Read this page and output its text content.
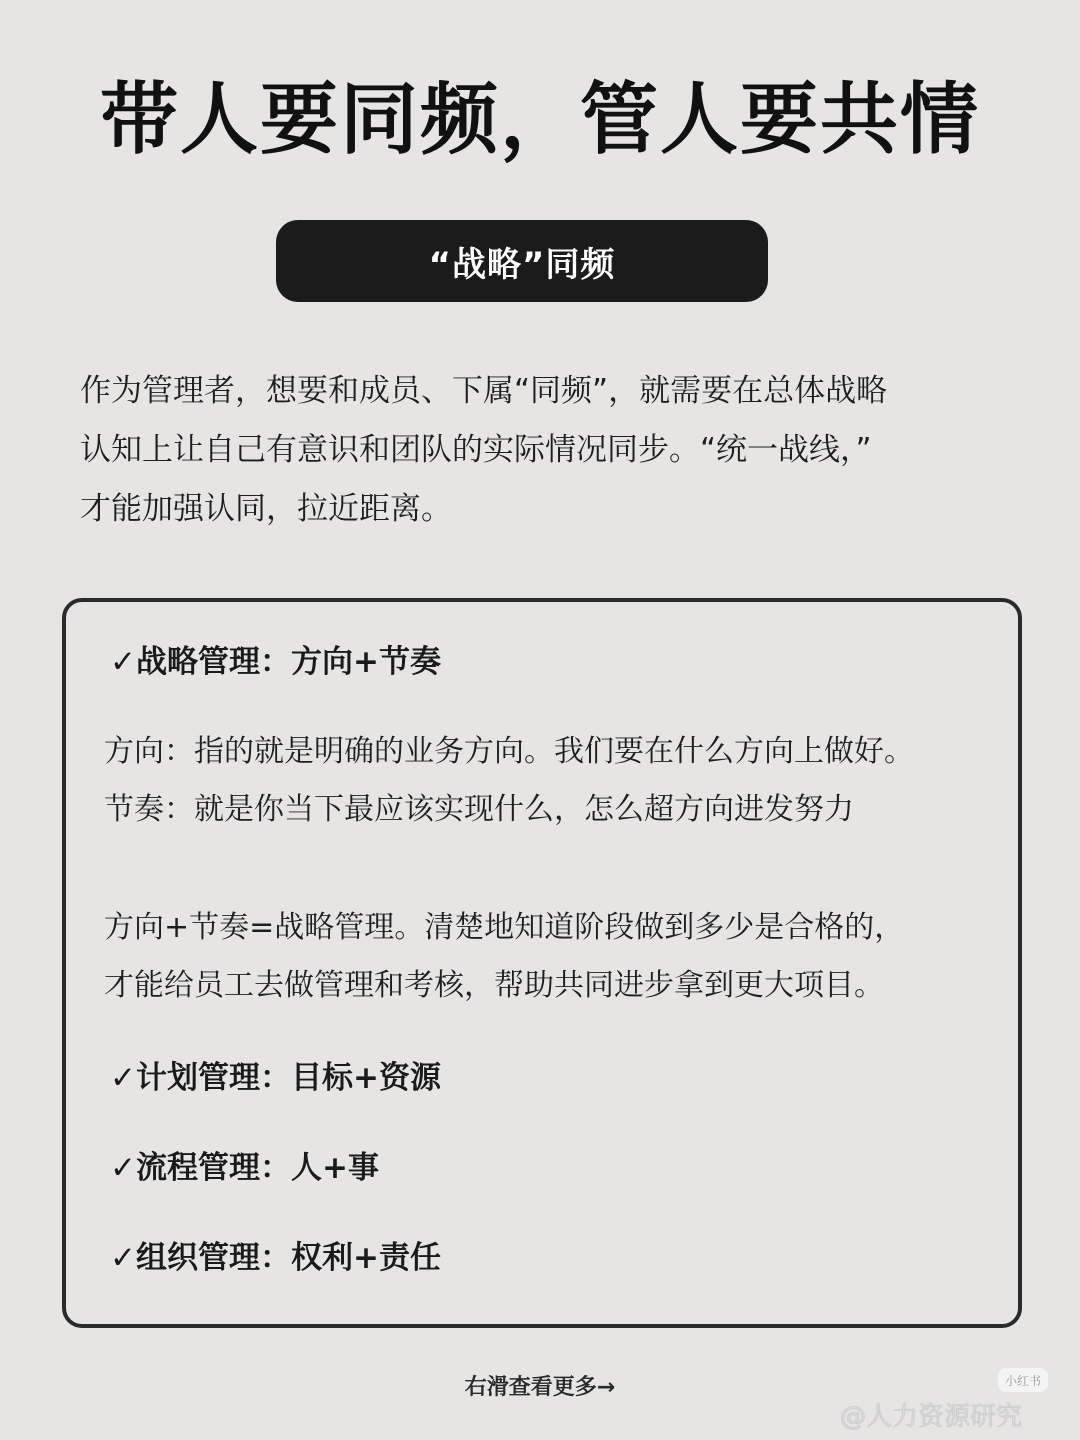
带人要同频，管人要共情
“战略”同频

作为管理者，想要和成员、下属“同频”，就需要在总体战略

认知上让自己有意识和团队的实际情况同步。“统一战线，”

才能加强认同，拉近距离。

✓战略管理：方向+节奏
方向：指的就是明确的业务方向。我们要在什么方向上做好。
节奏：就是你当下最应该实现什么，怎么超方向进发努力
方向+节奏=战略管理。清楚地知道阶段做到多少是合格的，
才能给员工去做管理和考核，帮助共同进步拿到更大项目。
✓计划管理：目标+资源
✓流程管理：人+事
✓组织管理：权利+责任
右滑查看更多→	小红书
@人力资源研究
